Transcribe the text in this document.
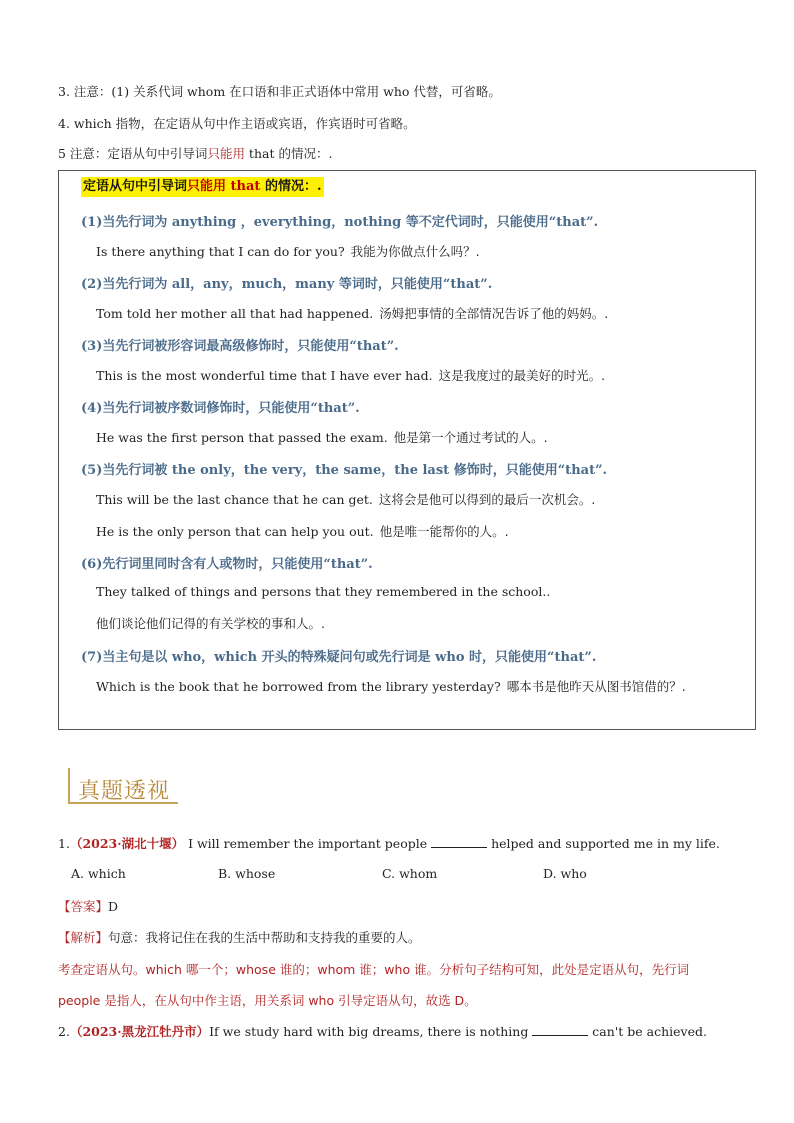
3. 注意：(1) 关系代词 whom 在口语和非正式语体中常用 who 代替，可省略。
4. which 指物，在定语从句中作主语或宾语，作宾语时可省略。
5 注意：定语从句中引导词只能用 that 的情况：.
定语从句中引导词只能用 that 的情况：.
(1)当先行词为 anything ，everything，nothing 等不定代词时，只能使用“that”.
Is there anything that I can do for you? 我能为你做点什么吗？.
(2)当先行词为 all，any，much，many 等词时，只能使用“that”.
Tom told her mother all that had happened. 汤姆把事情的全部情况告诉了他的妈妈。.
(3)当先行词被形容词最高级修饰时，只能使用“that”.
This is the most wonderful time that I have ever had. 这是我度过的最美好的时光。.
(4)当先行词被序数词修饰时，只能使用“that”.
He was the first person that passed the exam. 他是第一个通过考试的人。.
(5)当先行词被 the only，the very，the same，the last 修饰时，只能使用“that”.
This will be the last chance that he can get. 这将会是他可以得到的最后一次机会。.
He is the only person that can help you out. 他是唯一能帮你的人。.
(6)先行词里同时含有人或物时，只能使用“that”.
They talked of things and persons that they remembered in the school..
他们谈论他们记得的有关学校的事和人。.
(7)当主句是以 who，which 开头的特殊疑问句或先行词是 who 时，只能使用“that”.
Which is the book that he borrowed from the library yesterday? 哪本书是他昨天从图书馆借的？.
真题透视
1.（2023·湖北十堰） I will remember the important people	helped and supported me in my life.
A. which	B. whose	C. whom	D. who
【答案】D
【解析】句意：我将记住在我的生活中帮助和支持我的重要的人。
考查定语从句。which 哪一个；whose 谁的；whom 谁；who 谁。分析句子结构可知，此处是定语从句，先行词
people 是指人，在从句中作主语，用关系词 who 引导定语从句，故选 D。
2.（2023·黑龙江牡丹市）If we study hard with big dreams, there is nothing	can't be achieved.
